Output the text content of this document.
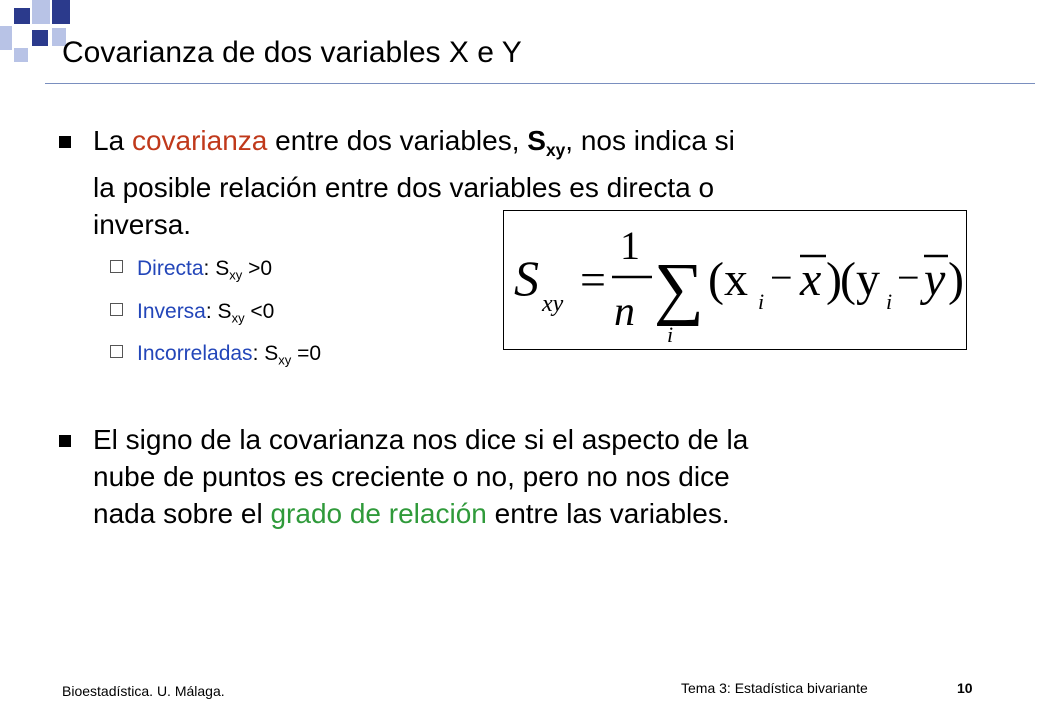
Covarianza de dos variables X e Y
La covarianza entre dos variables, $S_{xy}$, nos indica si
la posible relación entre dos variables es directa o
inversa.
Directa: $S_{xy} >0$
Inversa: $S_{xy} <0$
Incorreladas: $S_{xy} =0$
S xy =
1
n ∑
i
(x i
− x )
(y i
− y )
El signo de la covarianza nos dice si el aspecto de la
nube de puntos es creciente o no, pero no nos dice
nada sobre el grado de relación entre las variables.
Bioestadística. U. Málaga.	Tema 3: Estadística bivariante	10
